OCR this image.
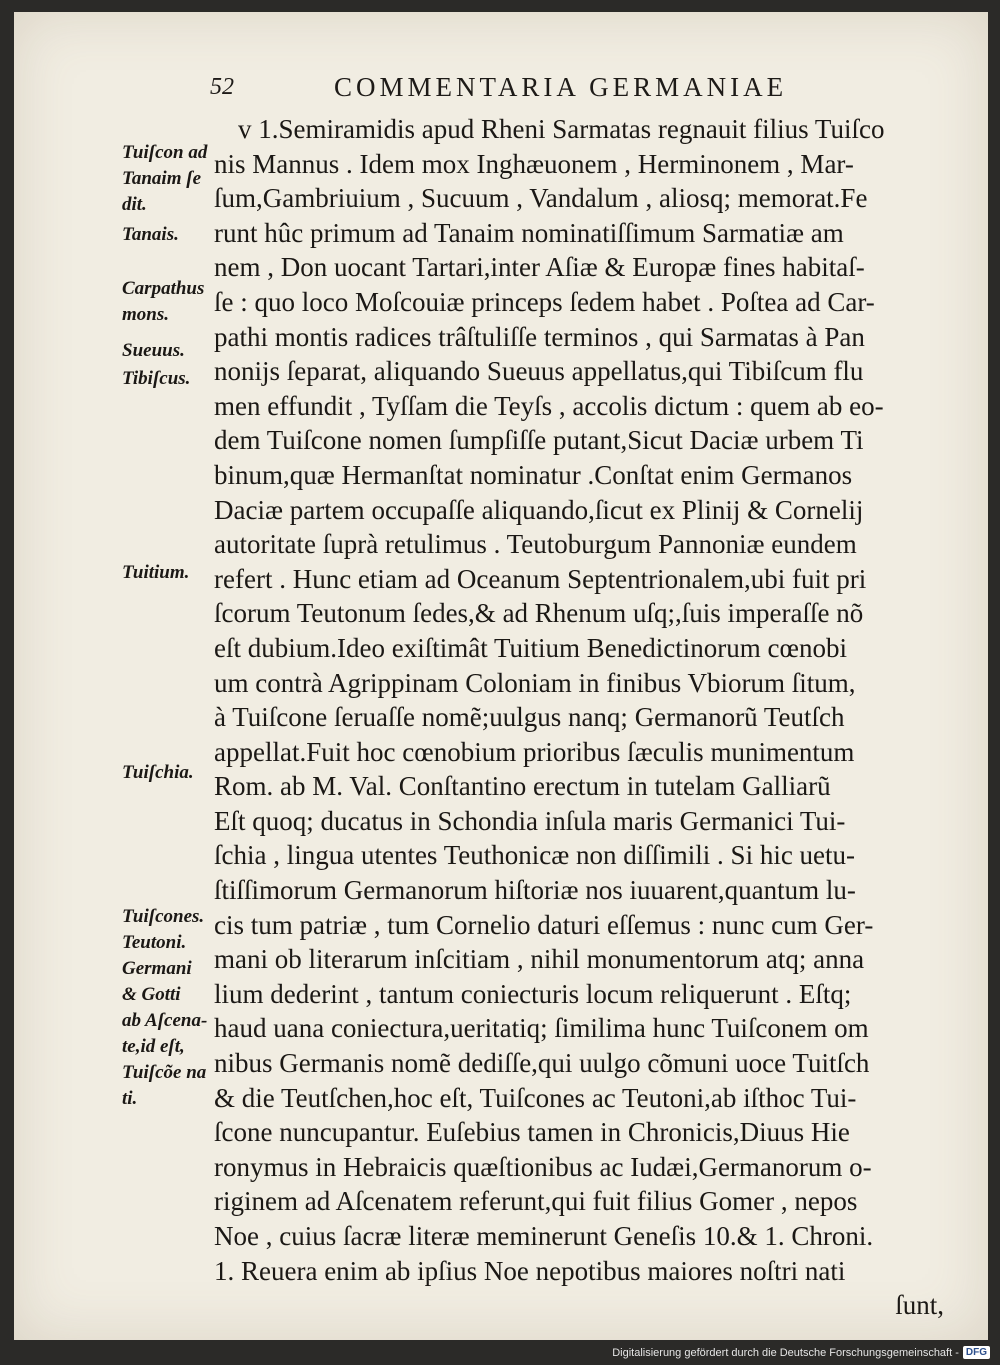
52	COMMENTARIA GERMANIAE
v 1.Semiramidis apud Rheni Sarmatas regnauit filius Tuiſco
nis Mannus . Idem mox Inghæuonem , Herminonem , Mar-
ſum,Gambriuium , Sucuum , Vandalum , aliosq; memorat.Fe
runt hûc primum ad Tanaim nominatiſſimum Sarmatiæ am
nem , Don uocant Tartari,inter Aſiæ & Europæ fines habitaſ-
ſe : quo loco Moſcouiæ princeps ſedem habet . Poſtea ad Car-
pathi montis radices trâſtuliſſe terminos , qui Sarmatas à Pan
nonijs ſeparat, aliquando Sueuus appellatus,qui Tibiſcum flu
men effundit , Tyſſam die Teyſs , accolis dictum : quem ab eo-
dem Tuiſcone nomen ſumpſiſſe putant,Sicut Daciæ urbem Ti
binum,quæ Hermanſtat nominatur .Conſtat enim Germanos
Daciæ partem occupaſſe aliquando,ſicut ex Plinij & Cornelij
autoritate ſuprà retulimus . Teutoburgum Pannoniæ eundem
refert . Hunc etiam ad Oceanum Septentrionalem,ubi fuit pri
ſcorum Teutonum ſedes,& ad Rhenum uſq;,ſuis imperaſſe nõ
eſt dubium.Ideo exiſtimât Tuitium Benedictinorum cœnobi
um contrà Agrippinam Coloniam in finibus Vbiorum ſitum,
à Tuiſcone ſeruaſſe nomẽ;uulgus nanq; Germanorũ Teutſch
appellat.Fuit hoc cœnobium prioribus ſæculis munimentum
Rom. ab M. Val. Conſtantino erectum in tutelam Galliarũ
Eſt quoq; ducatus in Schondia inſula maris Germanici Tui-
ſchia , lingua utentes Teuthonicæ non diſſimili . Si hic uetu-
ſtiſſimorum Germanorum hiſtoriæ nos iuuarent,quantum lu-
cis tum patriæ , tum Cornelio daturi eſſemus : nunc cum Ger-
mani ob literarum inſcitiam , nihil monumentorum atq; anna
lium dederint , tantum coniecturis locum reliquerunt . Eſtq;
haud uana coniectura,ueritatiq; ſimilima hunc Tuiſconem om
nibus Germanis nomẽ dediſſe,qui uulgo cõmuni uoce Tuitſch
& die Teutſchen,hoc eſt, Tuiſcones ac Teutoni,ab iſthoc Tui-
ſcone nuncupantur. Euſebius tamen in Chronicis,Diuus Hie
ronymus in Hebraicis quæſtionibus ac Iudæi,Germanorum o-
riginem ad Aſcenatem referunt,qui fuit filius Gomer , nepos
Noe , cuius ſacræ literæ meminerunt Geneſis 10.& 1. Chroni.
1. Reuera enim ab ipſius Noe nepotibus maiores noſtri nati
ſunt,
Tuiſcon ad
Tanaim ſe
dit.
Tanais.
Carpathus
mons.
Sueuus.
Tibiſcus.
Tuitium.
Tuiſchia.
Tuiſcones.
Teutoni.
Germani
& Gotti
ab Aſcena-
te,id eſt,
Tuiſcõe na
ti.
Digitalisierung gefördert durch die Deutsche Forschungsgemeinschaft - DFG
